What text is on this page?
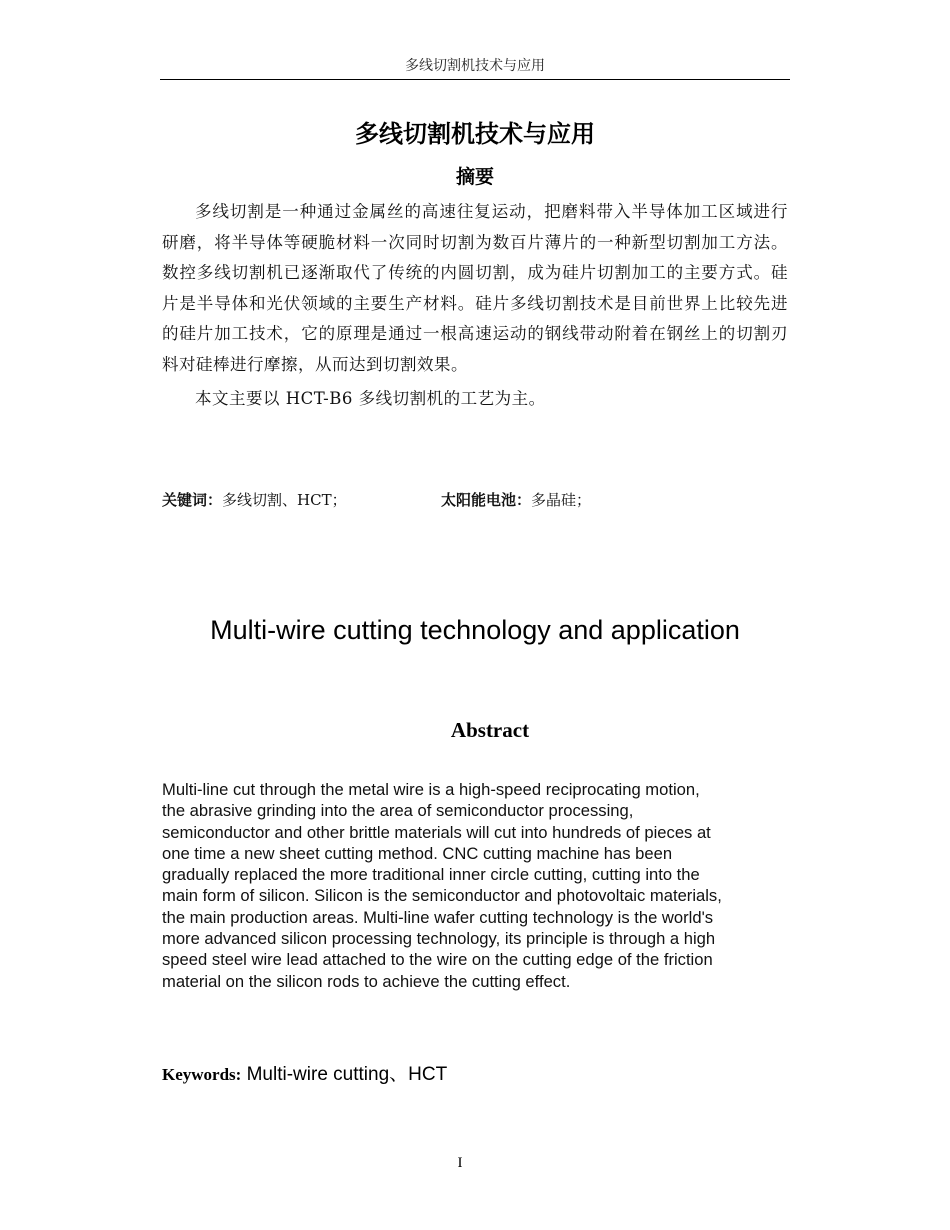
多线切割机技术与应用
多线切割机技术与应用
摘要

多线切割是一种通过金属丝的高速往复运动，把磨料带入半导体加工区域进行研磨，将半导体等硬脆材料一次同时切割为数百片薄片的一种新型切割加工方法。数控多线切割机已逐渐取代了传统的内圆切割，成为硅片切割加工的主要方式。硅片是半导体和光伏领域的主要生产材料。硅片多线切割技术是目前世界上比较先进的硅片加工技术，它的原理是通过一根高速运动的钢线带动附着在钢丝上的切割刃料对硅棒进行摩擦，从而达到切割效果。

本文主要以 HCT-B6 多线切割机的工艺为主。

关键词：多线切割、HCT；	太阳能电池：多晶硅；
Multi-wire cutting technology and application
Abstract
Multi-line cut through the metal wire is a high-speed reciprocating motion,
the abrasive grinding into the area of semiconductor processing,
semiconductor and other brittle materials will cut into hundreds of pieces at
one time a new sheet cutting method. CNC cutting machine has been
gradually replaced the more traditional inner circle cutting, cutting into the
main form of silicon. Silicon is the semiconductor and photovoltaic materials,
the main production areas. Multi-line wafer cutting technology is the world's
more advanced silicon processing technology, its principle is through a high
speed steel wire lead attached to the wire on the cutting edge of the friction
material on the silicon rods to achieve the cutting effect.
Keywords: Multi-wire cutting、HCT
I
